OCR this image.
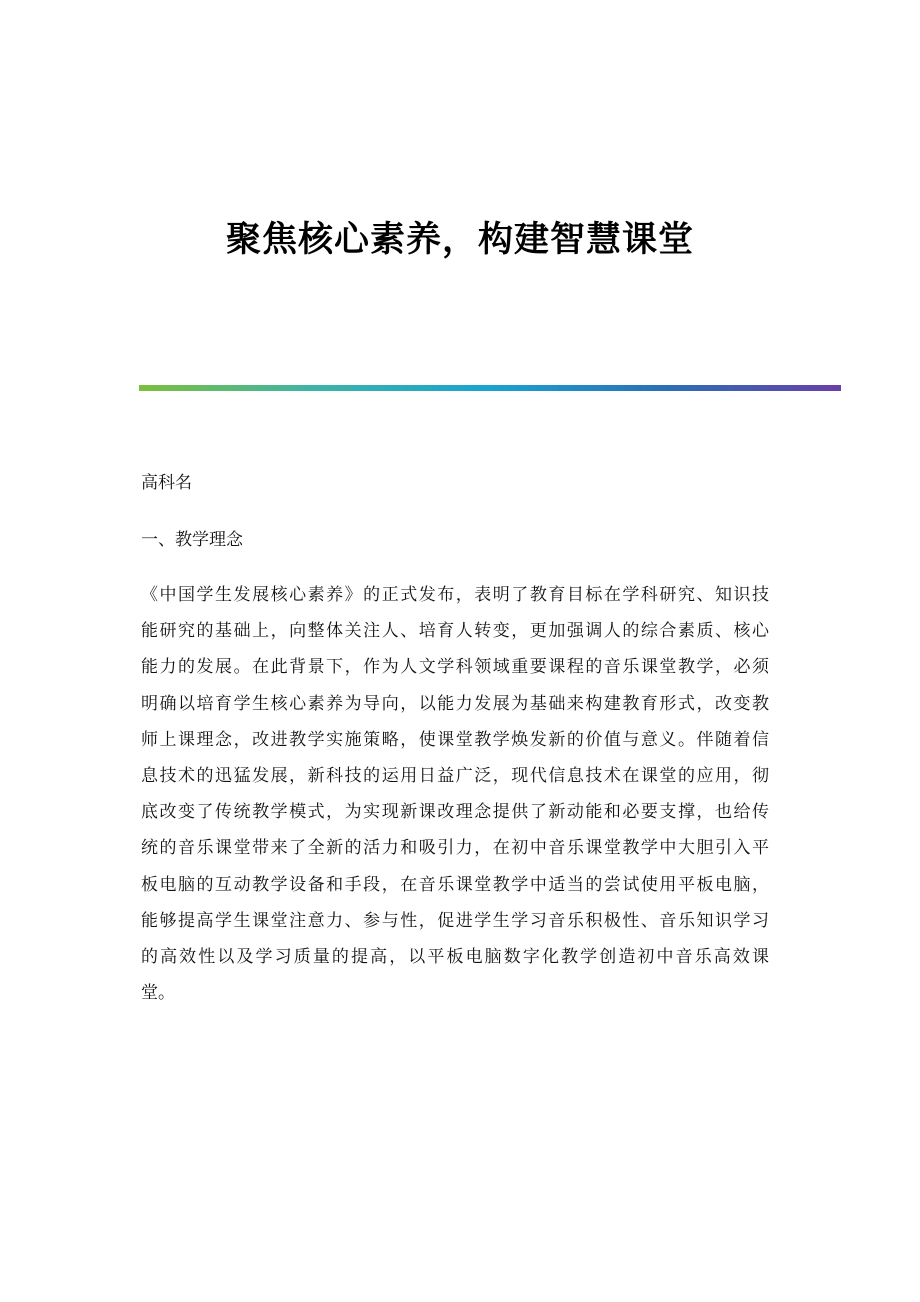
聚焦核心素养，构建智慧课堂

高科名

一、教学理念

《中国学生发展核心素养》的正式发布，表明了教育目标在学科研究、知识技
能研究的基础上，向整体关注人、培育人转变，更加强调人的综合素质、核心
能力的发展。在此背景下，作为人文学科领域重要课程的音乐课堂教学，必须
明确以培育学生核心素养为导向，以能力发展为基础来构建教育形式，改变教
师上课理念，改进教学实施策略，使课堂教学焕发新的价值与意义。伴随着信
息技术的迅猛发展，新科技的运用日益广泛，现代信息技术在课堂的应用，彻
底改变了传统教学模式，为实现新课改理念提供了新动能和必要支撑，也给传
统的音乐课堂带来了全新的活力和吸引力，在初中音乐课堂教学中大胆引入平
板电脑的互动教学设备和手段，在音乐课堂教学中适当的尝试使用平板电脑，
能够提高学生课堂注意力、参与性，促进学生学习音乐积极性、音乐知识学习
的高效性以及学习质量的提高，以平板电脑数字化教学创造初中音乐高效课
堂。
